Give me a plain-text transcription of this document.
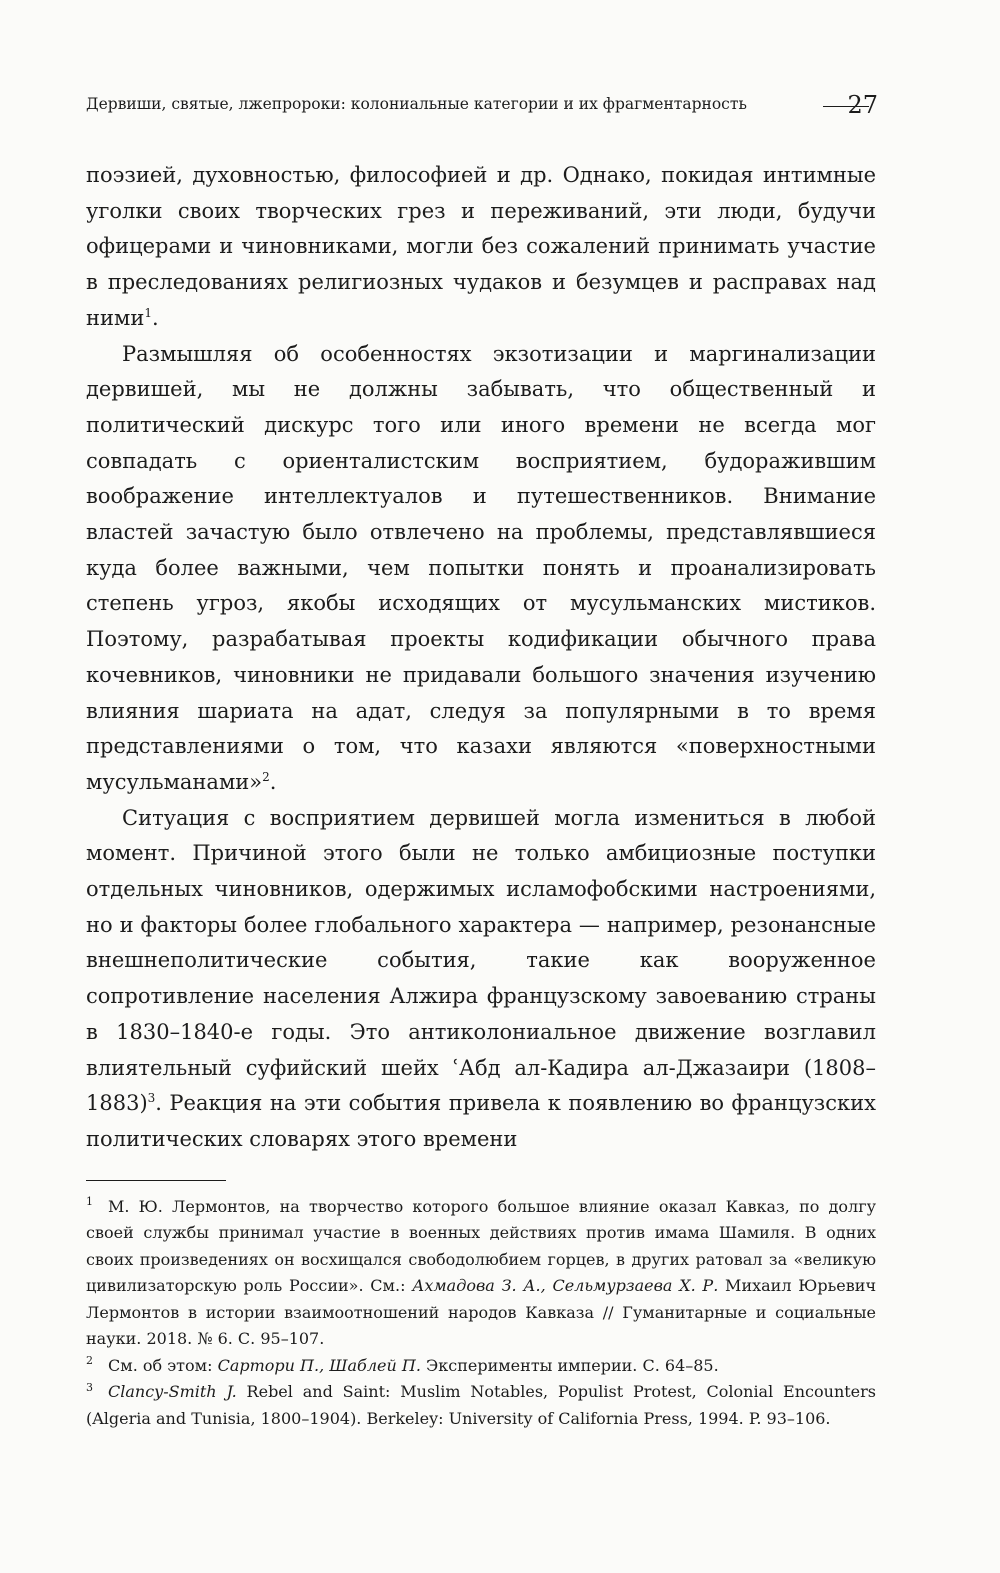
Дервиши, святые, лжепророки: колониальные категории и их фрагментарность	27

поэзией, духовностью, философией и др. Однако, покидая интимные уголки своих творческих грез и переживаний, эти люди, будучи офицерами и чиновниками, могли без сожалений принимать участие в преследованиях религиозных чудаков и безумцев и расправах над ними$^1$.

Размышляя об особенностях экзотизации и маргинализации дервишей, мы не должны забывать, что общественный и политический дискурс того или иного времени не всегда мог совпадать с ориенталистским восприятием, будоражившим воображение интеллектуалов и путешественников. Внимание властей зачастую было отвлечено на проблемы, представлявшиеся куда более важными, чем попытки понять и проанализировать степень угроз, якобы исходящих от мусульманских мистиков. Поэтому, разрабатывая проекты кодификации обычного права кочевников, чиновники не придавали большого значения изучению влияния шариата на адат, следуя за популярными в то время представлениями о том, что казахи являются «поверхностными мусульманами»$^2$.

Ситуация с восприятием дервишей могла измениться в любой момент. Причиной этого были не только амбициозные поступки отдельных чиновников, одержимых исламофобскими настроениями, но и факторы более глобального характера — например, резонансные внешнеполитические события, такие как вооруженное сопротивление населения Алжира французскому завоеванию страны в 1830–1840-е годы. Это антиколониальное движение возглавил влиятельный суфийский шейх ʿАбд ал-Кадира ал-Джазаири (1808–1883)$^3$. Реакция на эти события привела к появлению во французских политических словарях этого времени

$^1$ М. Ю. Лермонтов, на творчество которого большое влияние оказал Кавказ, по долгу своей службы принимал участие в военных действиях против имама Шамиля. В одних своих произведениях он восхищался свободолюбием горцев, в других ратовал за «великую цивилизаторскую роль России». См.: Ахмадова З. А., Сельмурзаева Х. Р. Михаил Юрьевич Лермонтов в истории взаимоотношений народов Кавказа // Гуманитарные и социальные науки. 2018. № 6. С. 95–107.

$^2$ См. об этом: Сартори П., Шаблей П. Эксперименты империи. С. 64–85.

$^3$ Clancy-Smith J. Rebel and Saint: Muslim Notables, Populist Protest, Colonial Encounters (Algeria and Tunisia, 1800–1904). Berkeley: University of California Press, 1994. P. 93–106.
